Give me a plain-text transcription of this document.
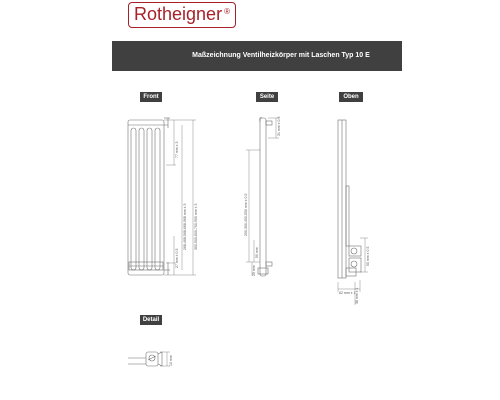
Rotheigner ®
Maßzeichnung Ventilheizkörper mit Laschen Typ 10 E
Front	Seite	Oben
Detail
77 mm ± 3
268-468-568-668-968 mm ± 3 300-500-600-700-900 mm ± 3
27 mm ± 0.5
31 mm ± 0.5
250-350-450-550 mm ± 0.5
50 mm
25 mm
50 mm ± 0.5
62 mm ± 1 38 mm ± 1
10 mm
